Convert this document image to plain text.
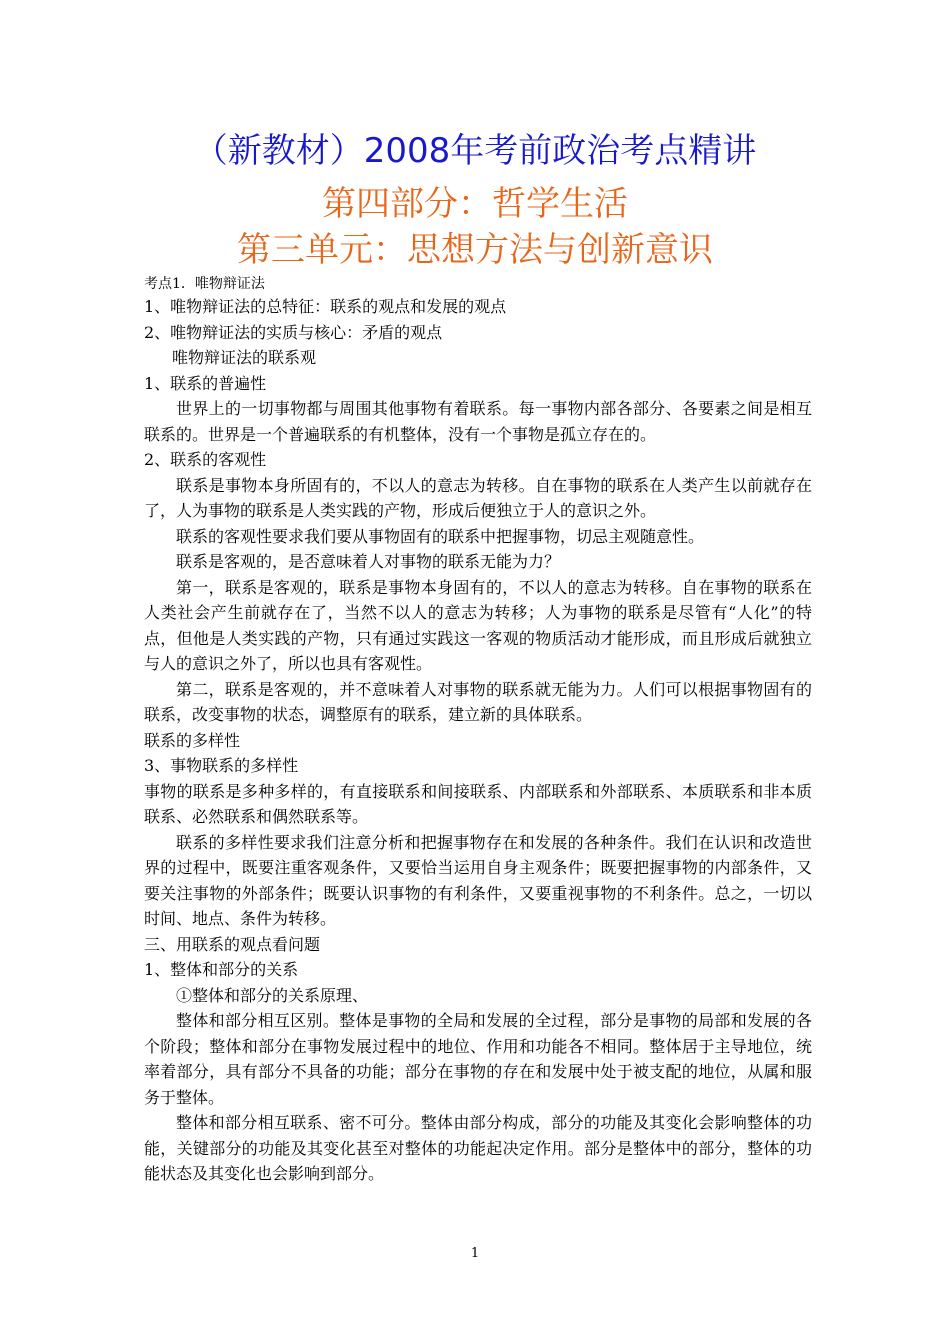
（新教材）2008年考前政治考点精讲
第四部分：哲学生活
第三单元：思想方法与创新意识

考点1．唯物辩证法

1、唯物辩证法的总特征：联系的观点和发展的观点

2、唯物辩证法的实质与核心：矛盾的观点

唯物辩证法的联系观

1、联系的普遍性

世界上的一切事物都与周围其他事物有着联系。每一事物内部各部分、各要素之间是相互联系的。世界是一个普遍联系的有机整体，没有一个事物是孤立存在的。

2、联系的客观性

联系是事物本身所固有的，不以人的意志为转移。自在事物的联系在人类产生以前就存在了，人为事物的联系是人类实践的产物，形成后便独立于人的意识之外。

联系的客观性要求我们要从事物固有的联系中把握事物，切忌主观随意性。

联系是客观的，是否意味着人对事物的联系无能为力？

第一，联系是客观的，联系是事物本身固有的，不以人的意志为转移。自在事物的联系在人类社会产生前就存在了，当然不以人的意志为转移；人为事物的联系是尽管有“人化”的特点，但他是人类实践的产物，只有通过实践这一客观的物质活动才能形成，而且形成后就独立与人的意识之外了，所以也具有客观性。

第二，联系是客观的，并不意味着人对事物的联系就无能为力。人们可以根据事物固有的联系，改变事物的状态，调整原有的联系，建立新的具体联系。

联系的多样性

3、事物联系的多样性

事物的联系是多种多样的，有直接联系和间接联系、内部联系和外部联系、本质联系和非本质联系、必然联系和偶然联系等。

联系的多样性要求我们注意分析和把握事物存在和发展的各种条件。我们在认识和改造世界的过程中，既要注重客观条件，又要恰当运用自身主观条件；既要把握事物的内部条件，又要关注事物的外部条件；既要认识事物的有利条件，又要重视事物的不利条件。总之，一切以时间、地点、条件为转移。

三、用联系的观点看问题

1、整体和部分的关系

①整体和部分的关系原理、

整体和部分相互区别。整体是事物的全局和发展的全过程，部分是事物的局部和发展的各个阶段；整体和部分在事物发展过程中的地位、作用和功能各不相同。整体居于主导地位，统率着部分，具有部分不具备的功能；部分在事物的存在和发展中处于被支配的地位，从属和服务于整体。

整体和部分相互联系、密不可分。整体由部分构成，部分的功能及其变化会影响整体的功能，关键部分的功能及其变化甚至对整体的功能起决定作用。部分是整体中的部分，整体的功能状态及其变化也会影响到部分。

1
